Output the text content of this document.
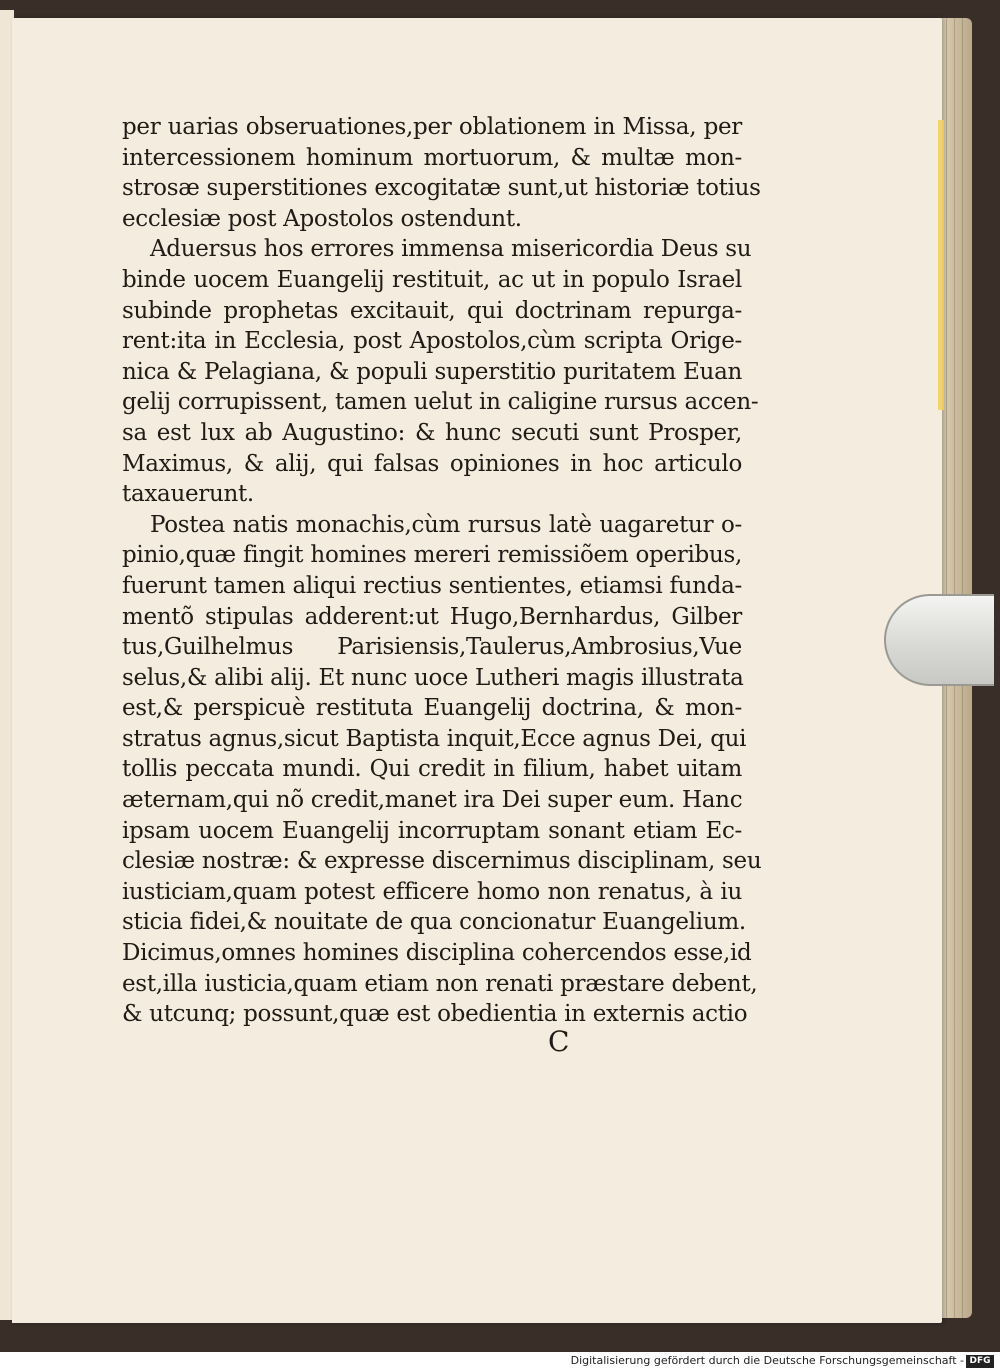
per uarias obseruationes,per oblationem in Missa, per
intercessionem hominum mortuorum, & multæ mon-
strosæ superstitiones excogitatæ sunt,ut historiæ totius
ecclesiæ post Apostolos ostendunt.
Aduersus hos errores immensa misericordia Deus su
binde uocem Euangelij restituit, ac ut in populo Israel
subinde prophetas excitauit, qui doctrinam repurga-
rent:ita in Ecclesia, post Apostolos,cùm scripta Orige-
nica & Pelagiana, & populi superstitio puritatem Euan
gelij corrupissent, tamen uelut in caligine rursus accen-
sa est lux ab Augustino: & hunc secuti sunt Prosper,
Maximus, & alij, qui falsas opiniones in hoc articulo
taxauerunt.
Postea natis monachis,cùm rursus latè uagaretur o-
pinio,quæ fingit homines mereri remissiõem operibus,
fuerunt tamen aliqui rectius sentientes, etiamsi funda-
mentõ stipulas adderent:ut Hugo,Bernhardus, Gilber
tus,Guilhelmus Parisiensis,Taulerus,Ambrosius,Vue
selus,& alibi alij. Et nunc uoce Lutheri magis illustrata
est,& perspicuè restituta Euangelij doctrina, & mon-
stratus agnus,sicut Baptista inquit,Ecce agnus Dei, qui
tollis peccata mundi. Qui credit in filium, habet uitam
æternam,qui nõ credit,manet ira Dei super eum. Hanc
ipsam uocem Euangelij incorruptam sonant etiam Ec-
clesiæ nostræ: & expresse discernimus disciplinam, seu
iusticiam,quam potest efficere homo non renatus, à iu
sticia fidei,& nouitate de qua concionatur Euangelium.
Dicimus,omnes homines disciplina cohercendos esse,id
est,illa iusticia,quam etiam non renati præstare debent,
& utcunq; possunt,quæ est obedientia in externis actio
C
Digitalisierung gefördert durch die Deutsche Forschungsgemeinschaft - DFG
